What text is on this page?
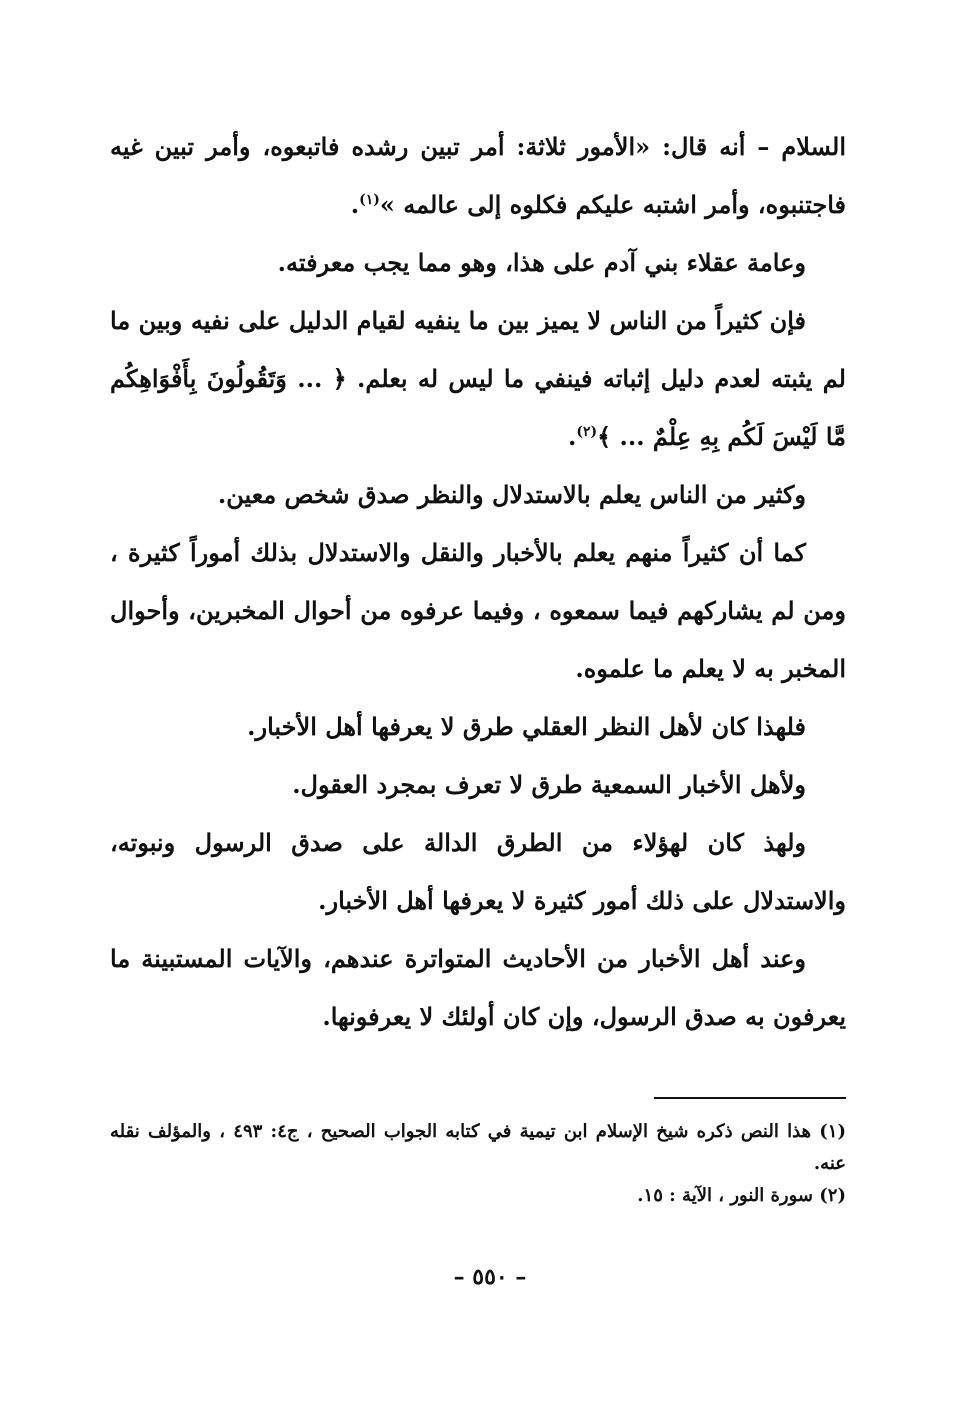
السلام – أنه قال: «الأمور ثلاثة: أمر تبين رشده فاتبعوه، وأمر تبين غيه فاجتنبوه، وأمر اشتبه عليكم فكلوه إلى عالمه »$^{(١)}$.

وعامة عقلاء بني آدم على هذا، وهو مما يجب معرفته.

فإن كثيراً من الناس لا يميز بين ما ينفيه لقيام الدليل على نفيه وبين ما لم يثبته لعدم دليل إثباته فينفي ما ليس له بعلم. ﴿ ... وَتَقُولُونَ بِأَفْوَاهِكُم مَّا لَيْسَ لَكُم بِهِ عِلْمٌ ... ﴾$^{(٢)}$.

وكثير من الناس يعلم بالاستدلال والنظر صدق شخص معين.

كما أن كثيراً منهم يعلم بالأخبار والنقل والاستدلال بذلك أموراً كثيرة ، ومن لم يشاركهم فيما سمعوه ، وفيما عرفوه من أحوال المخبرين، وأحوال المخبر به لا يعلم ما علموه.

فلهذا كان لأهل النظر العقلي طرق لا يعرفها أهل الأخبار.

ولأهل الأخبار السمعية طرق لا تعرف بمجرد العقول.

ولهذ كان لهؤلاء من الطرق الدالة على صدق الرسول ونبوته، والاستدلال على ذلك أمور كثيرة لا يعرفها أهل الأخبار.

وعند أهل الأخبار من الأحاديث المتواترة عندهم، والآيات المستبينة ما يعرفون به صدق الرسول، وإن كان أولئك لا يعرفونها.

(١) هذا النص ذكره شيخ الإسلام ابن تيمية في كتابه الجواب الصحيح ، ج٤: ٤٩٣ ، والمؤلف نقله عنه.

(٢) سورة النور ، الآية : ١٥.

– ٥٥٠ –
